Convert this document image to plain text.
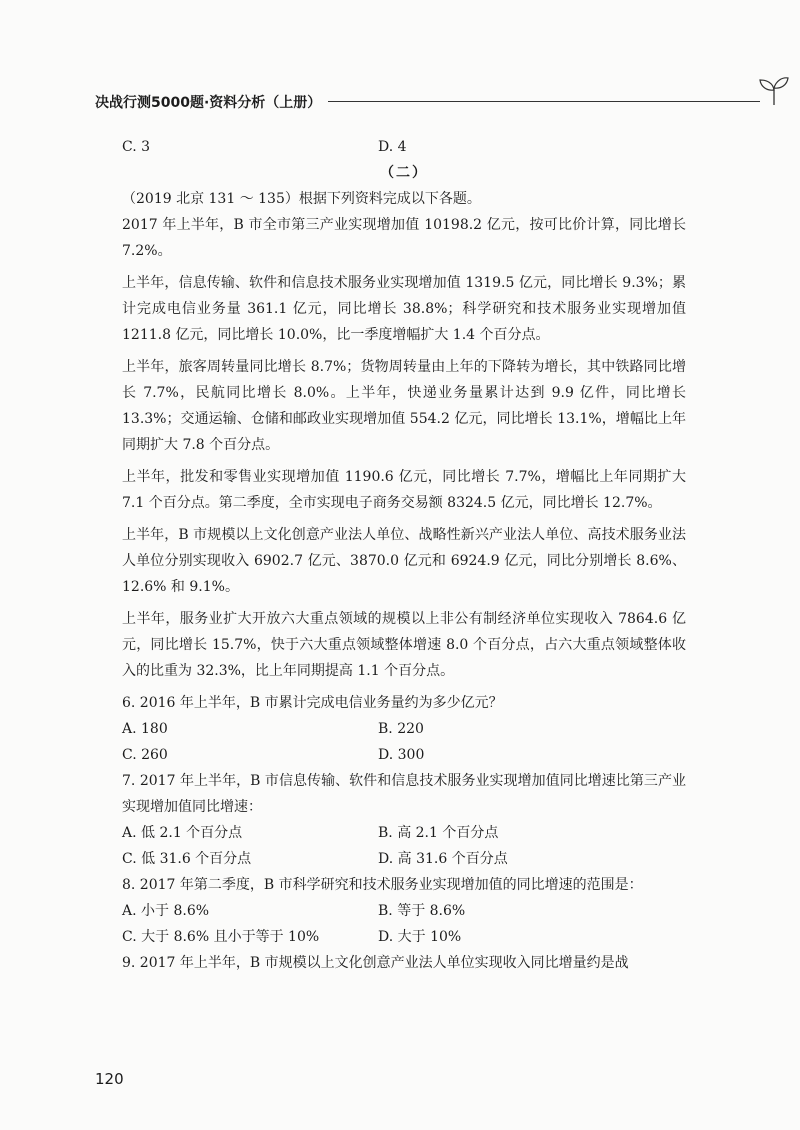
决战行测5000题·资料分析（上册）
C. 3	D. 4
（二）

（2019 北京 131 ～ 135）根据下列资料完成以下各题。

2017 年上半年，B 市全市第三产业实现增加值 10198.2 亿元，按可比价计算，同比增长 7.2%。

上半年，信息传输、软件和信息技术服务业实现增加值 1319.5 亿元，同比增长 9.3%；累计完成电信业务量 361.1 亿元，同比增长 38.8%；科学研究和技术服务业实现增加值 1211.8 亿元，同比增长 10.0%，比一季度增幅扩大 1.4 个百分点。

上半年，旅客周转量同比增长 8.7%；货物周转量由上年的下降转为增长，其中铁路同比增长 7.7%，民航同比增长 8.0%。上半年，快递业务量累计达到 9.9 亿件，同比增长 13.3%；交通运输、仓储和邮政业实现增加值 554.2 亿元，同比增长 13.1%，增幅比上年同期扩大 7.8 个百分点。

上半年，批发和零售业实现增加值 1190.6 亿元，同比增长 7.7%，增幅比上年同期扩大 7.1 个百分点。第二季度，全市实现电子商务交易额 8324.5 亿元，同比增长 12.7%。

上半年，B 市规模以上文化创意产业法人单位、战略性新兴产业法人单位、高技术服务业法人单位分别实现收入 6902.7 亿元、3870.0 亿元和 6924.9 亿元，同比分别增长 8.6%、12.6% 和 9.1%。

上半年，服务业扩大开放六大重点领域的规模以上非公有制经济单位实现收入 7864.6 亿元，同比增长 15.7%，快于六大重点领域整体增速 8.0 个百分点，占六大重点领域整体收入的比重为 32.3%，比上年同期提高 1.1 个百分点。

6. 2016 年上半年，B 市累计完成电信业务量约为多少亿元？

A. 180	B. 220
C. 260	D. 300

7. 2017 年上半年，B 市信息传输、软件和信息技术服务业实现增加值同比增速比第三产业实现增加值同比增速：

A. 低 2.1 个百分点	B. 高 2.1 个百分点
C. 低 31.6 个百分点	D. 高 31.6 个百分点

8. 2017 年第二季度，B 市科学研究和技术服务业实现增加值的同比增速的范围是：

A. 小于 8.6%	B. 等于 8.6%
C. 大于 8.6% 且小于等于 10%	D. 大于 10%

9. 2017 年上半年，B 市规模以上文化创意产业法人单位实现收入同比增量约是战

120
